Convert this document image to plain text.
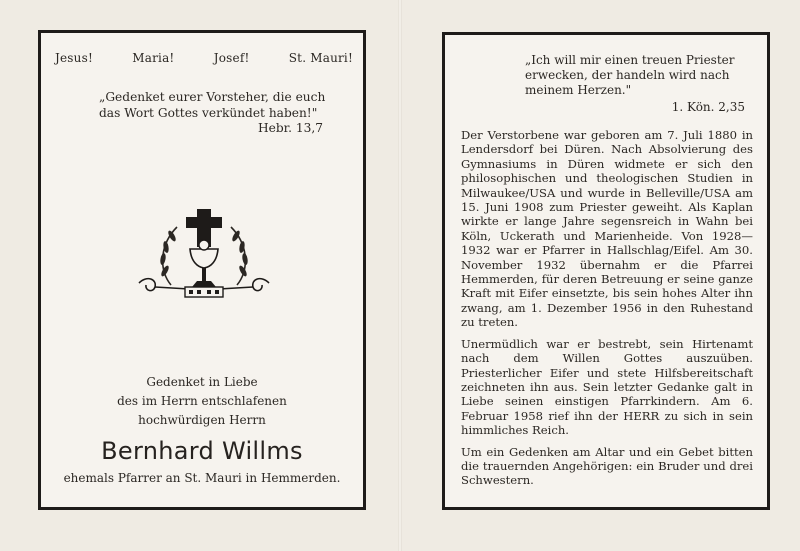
Jesus!	Maria!	Josef!	St. Mauri!
„Gedenket eurer Vorsteher, die euch
das Wort Gottes verkündet haben!"
Hebr. 13,7
Gedenket in Liebe
des im Herrn entschlafenen
hochwürdigen Herrn
Bernhard Willms
ehemals Pfarrer an St. Mauri in Hemmerden.
„Ich will mir einen treuen Priester
erwecken, der handeln wird nach
meinem Herzen."
1. Kön. 2,35

Der Verstorbene war geboren am 7. Juli 1880 in Lendersdorf bei Düren. Nach Absolvierung des Gymnasiums in Düren widmete er sich den philosophischen und theologischen Studien in Milwaukee/USA und wurde in Belleville/USA am 15. Juni 1908 zum Priester geweiht. Als Kaplan wirkte er lange Jahre segensreich in Wahn bei Köln, Uckerath und Marienheide. Von 1928—1932 war er Pfarrer in Hallschlag/Eifel. Am 30. November 1932 übernahm er die Pfarrei Hemmerden, für deren Betreuung er seine ganze Kraft mit Eifer einsetzte, bis sein hohes Alter ihn zwang, am 1. Dezember 1956 in den Ruhestand zu treten.

Unermüdlich war er bestrebt, sein Hirtenamt nach dem Willen Gottes auszuüben. Priesterlicher Eifer und stete Hilfsbereitschaft zeichneten ihn aus. Sein letzter Gedanke galt in Liebe seinen einstigen Pfarrkindern. Am 6. Februar 1958 rief ihn der HERR zu sich in sein himmliches Reich.

Um ein Gedenken am Altar und ein Gebet bitten die trauernden Angehörigen: ein Bruder und drei Schwestern.
